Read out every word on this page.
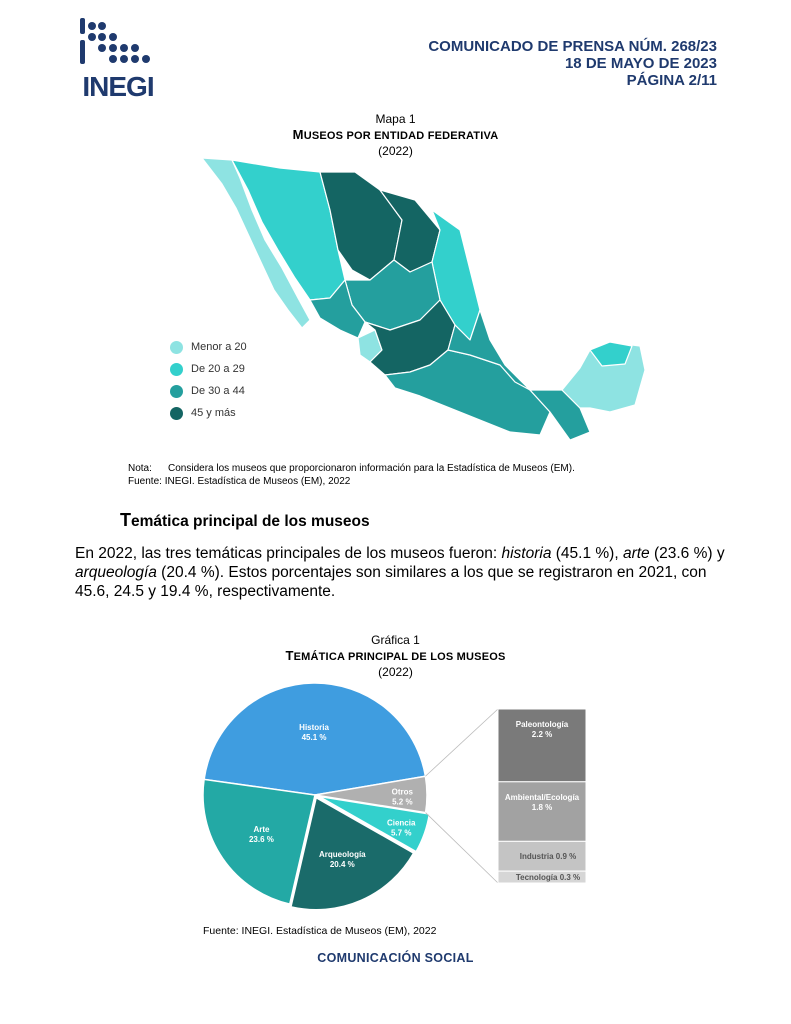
INEGI
COMUNICADO DE PRENSA NÚM. 268/23
18 DE MAYO DE 2023
PÁGINA 2/11
Mapa 1
MUSEOS POR ENTIDAD FEDERATIVA
(2022)
Menor a 20
De 20 a 29
De 30 a 44
45 y más
Nota: Considera los museos que proporcionaron información para la Estadística de Museos (EM).
Fuente: INEGI. Estadística de Museos (EM), 2022
Temática principal de los museos
En 2022, las tres temáticas principales de los museos fueron: historia (45.1 %), arte (23.6 %) y arqueología (20.4 %). Estos porcentajes son similares a los que se registraron en 2021, con 45.6, 24.5 y 19.4 %, respectivamente.
Gráfica 1
TEMÁTICA PRINCIPAL DE LOS MUSEOS
(2022)
Historia
45.1 %
Otros
5.2 %
Ciencia
5.7 %
Arqueología
20.4 %
Arte
23.6 %
Paleontología
2.2 %
Ambiental/Ecología
1.8 %
Industria 0.9 %
Tecnología 0.3 %
Fuente: INEGI. Estadística de Museos (EM), 2022
COMUNICACIÓN SOCIAL
